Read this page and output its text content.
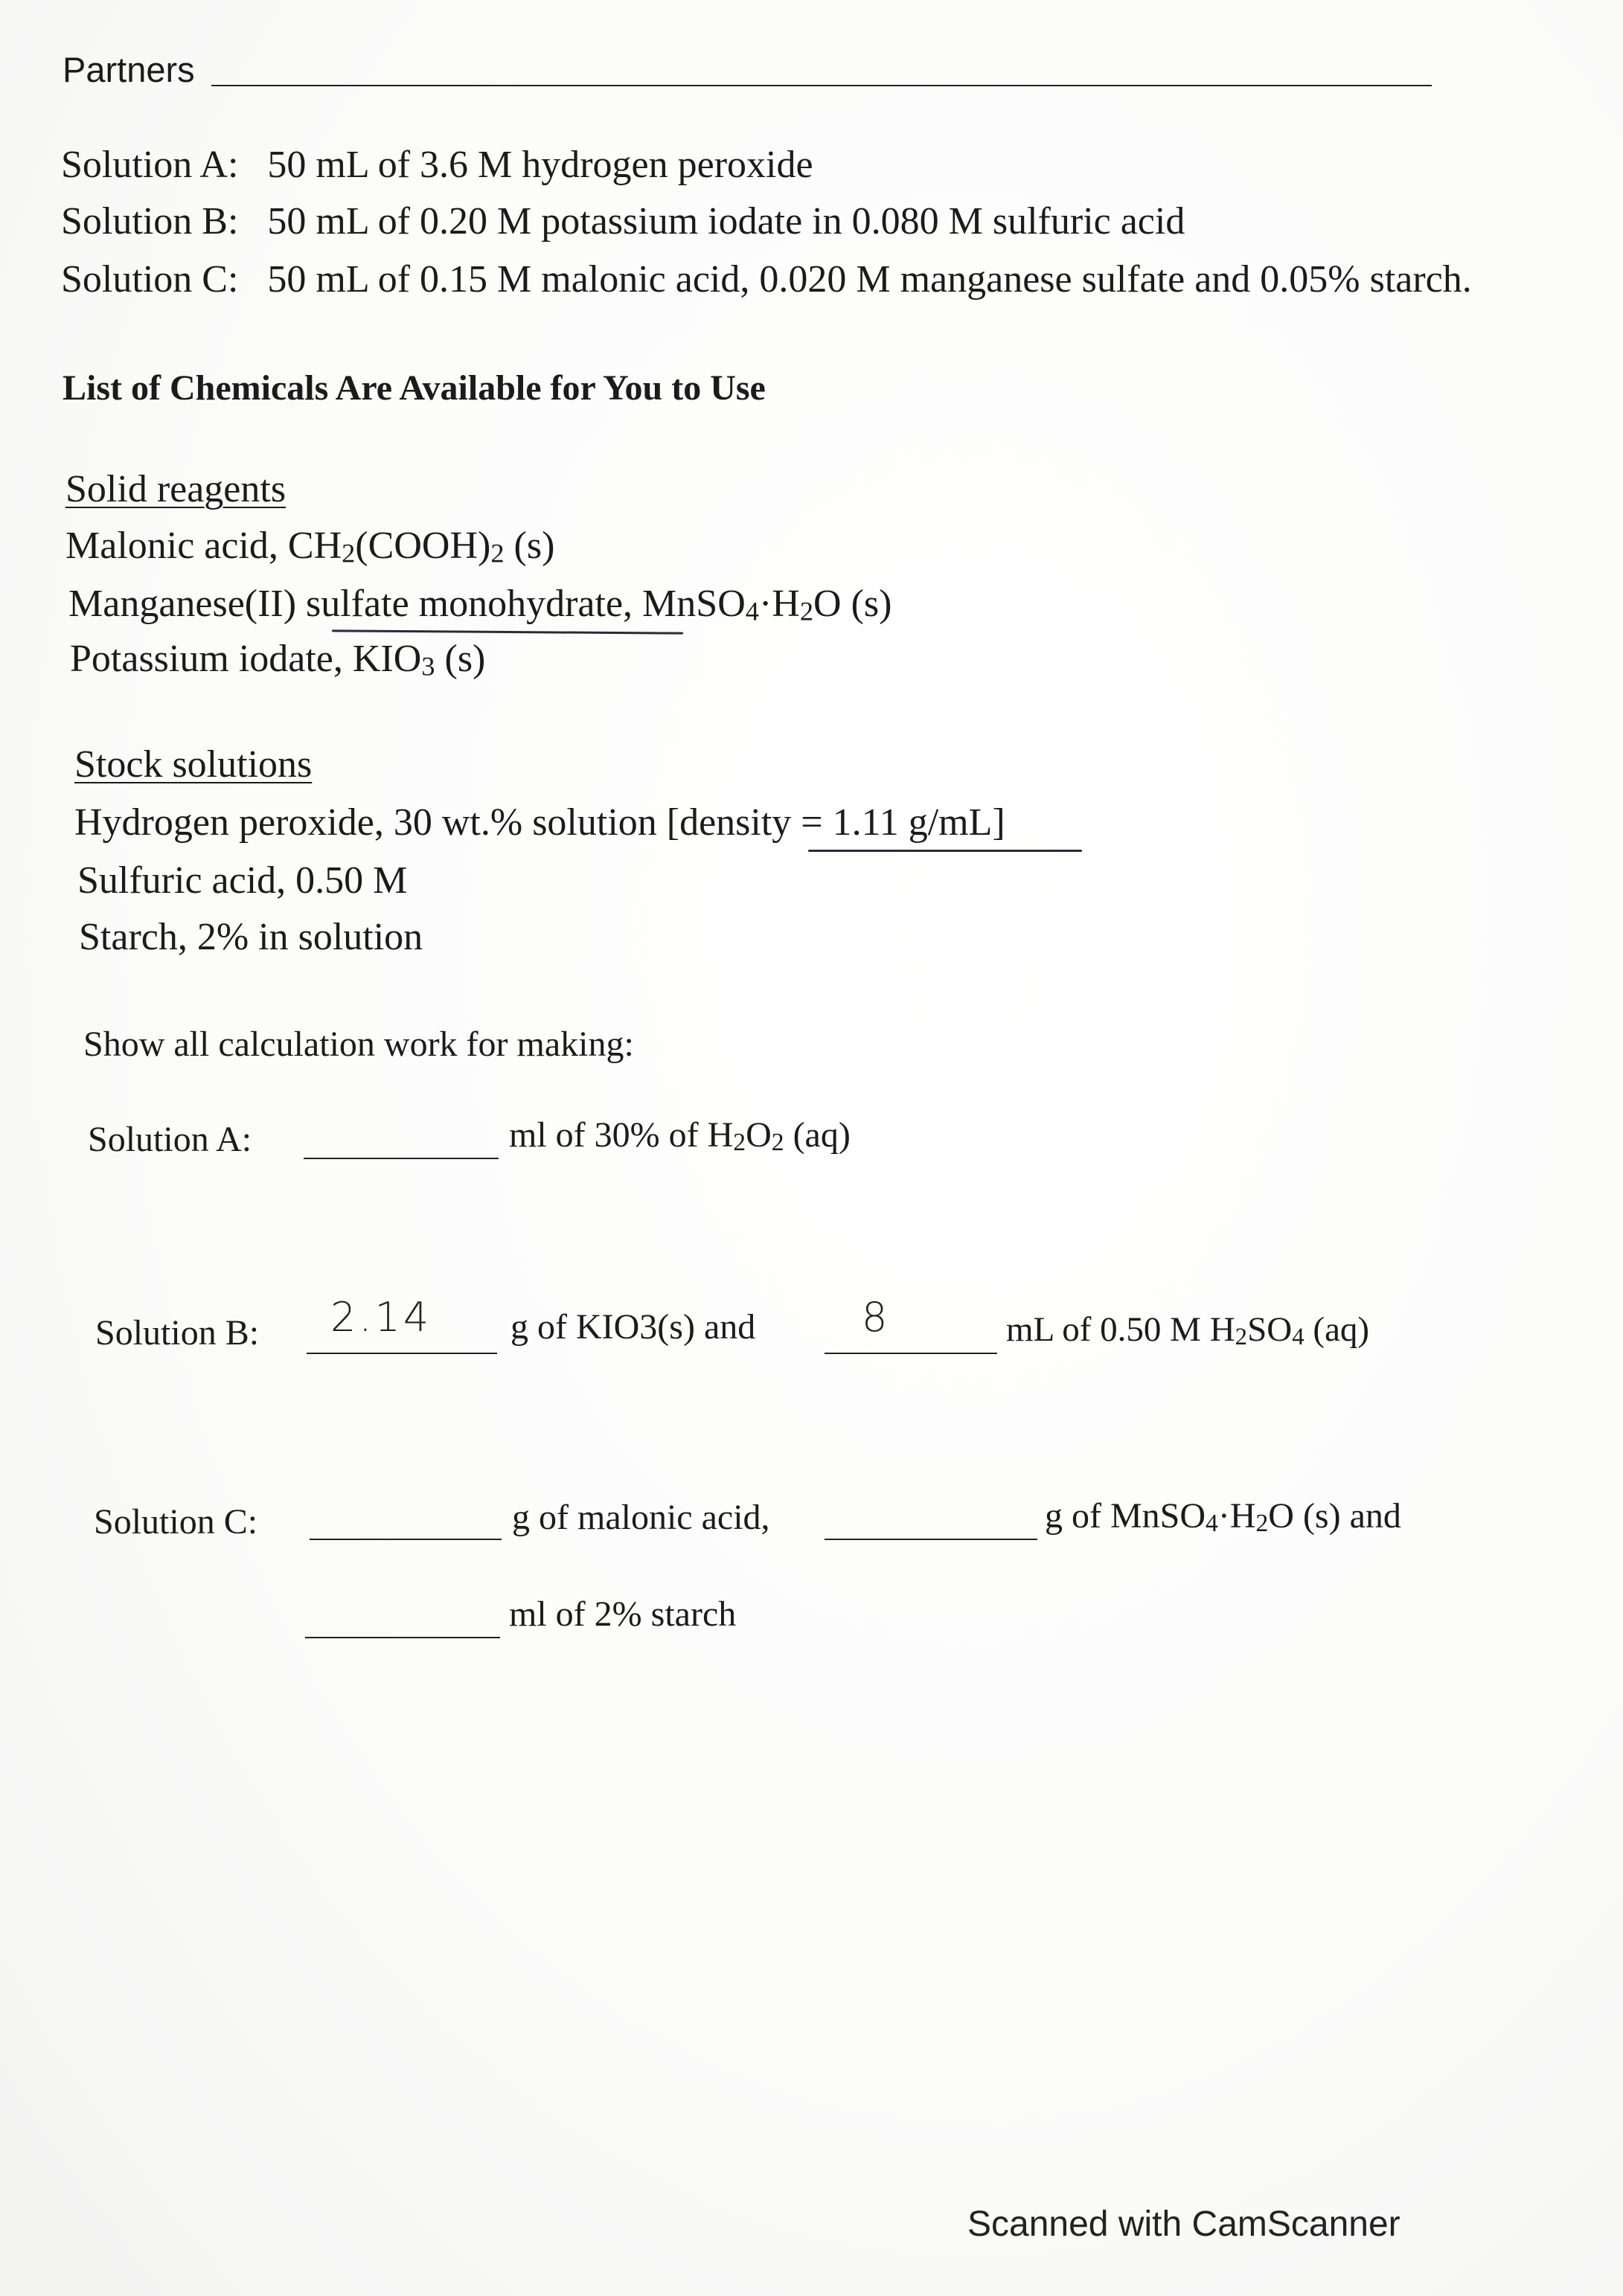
Partners
Solution A: 50 mL of 3.6 M hydrogen peroxide
Solution B: 50 mL of 0.20 M potassium iodate in 0.080 M sulfuric acid
Solution C: 50 mL of 0.15 M malonic acid, 0.020 M manganese sulfate and 0.05% starch.
List of Chemicals Are Available for You to Use
Solid reagents
Malonic acid, $CH_2(COOH)_2$ (s)
Manganese(II) sulfate monohydrate, $MnSO_4\cdot H_2O$ (s)
Potassium iodate, $KIO_3$ (s)
Stock solutions
Hydrogen peroxide, 30 wt.% solution [density = 1.11 g/mL]
Sulfuric acid, 0.50 M
Starch, 2% in solution
Show all calculation work for making:
Solution A:	ml of 30% of $H_2O_2$ (aq)
Solution B: 2.14 g of KIO3(s) and	8	mL of 0.50 M $H_2SO_4$ (aq)
Solution C:	g of malonic acid,	g of $MnSO_4\cdot H_2O$ (s) and
ml of 2% starch
Scanned with CamScanner
